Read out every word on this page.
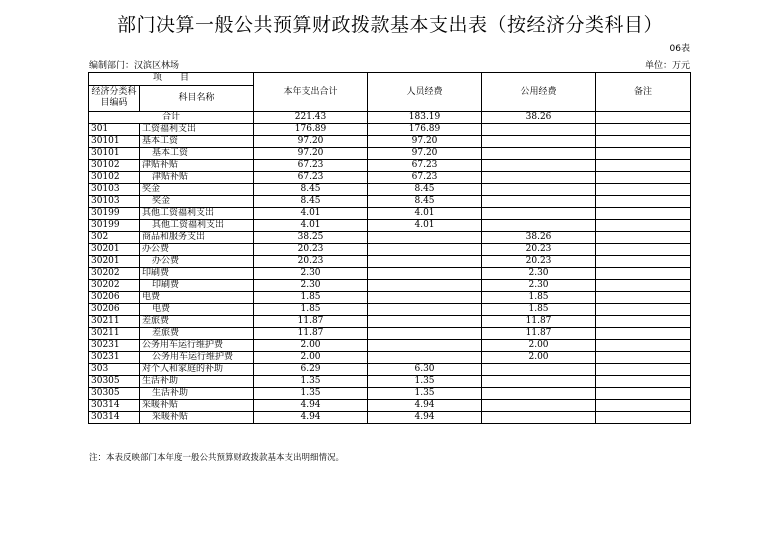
部门决算一般公共预算财政拨款基本支出表（按经济分类科目）
06表
编制部门：汉滨区林场	单位：万元
项　　目		本年支出合计	人员经费	公用经费	备注
经济分类科目编码	科目名称				
合计		221.43	183.19	38.26	
301	工资福利支出	176.89	176.89		
30101	基本工资	97.20	97.20		
30101	基本工资	97.20	97.20		
30102	津贴补贴	67.23	67.23		
30102	津贴补贴	67.23	67.23		
30103	奖金	8.45	8.45		
30103	奖金	8.45	8.45		
30199	其他工资福利支出	4.01	4.01		
30199	其他工资福利支出	4.01	4.01		
302	商品和服务支出	38.25		38.26	
30201	办公费	20.23		20.23	
30201	办公费	20.23		20.23	
30202	印刷费	2.30		2.30	
30202	印刷费	2.30		2.30	
30206	电费	1.85		1.85	
30206	电费	1.85		1.85	
30211	差旅费	11.87		11.87	
30211	差旅费	11.87		11.87	
30231	公务用车运行维护费	2.00		2.00	
30231	公务用车运行维护费	2.00		2.00	
303	对个人和家庭的补助	6.29	6.30		
30305	生活补助	1.35	1.35		
30305	生活补助	1.35	1.35		
30314	采暖补贴	4.94	4.94		
30314	采暖补贴	4.94	4.94		
注：本表反映部门本年度一般公共预算财政拨款基本支出明细情况。
